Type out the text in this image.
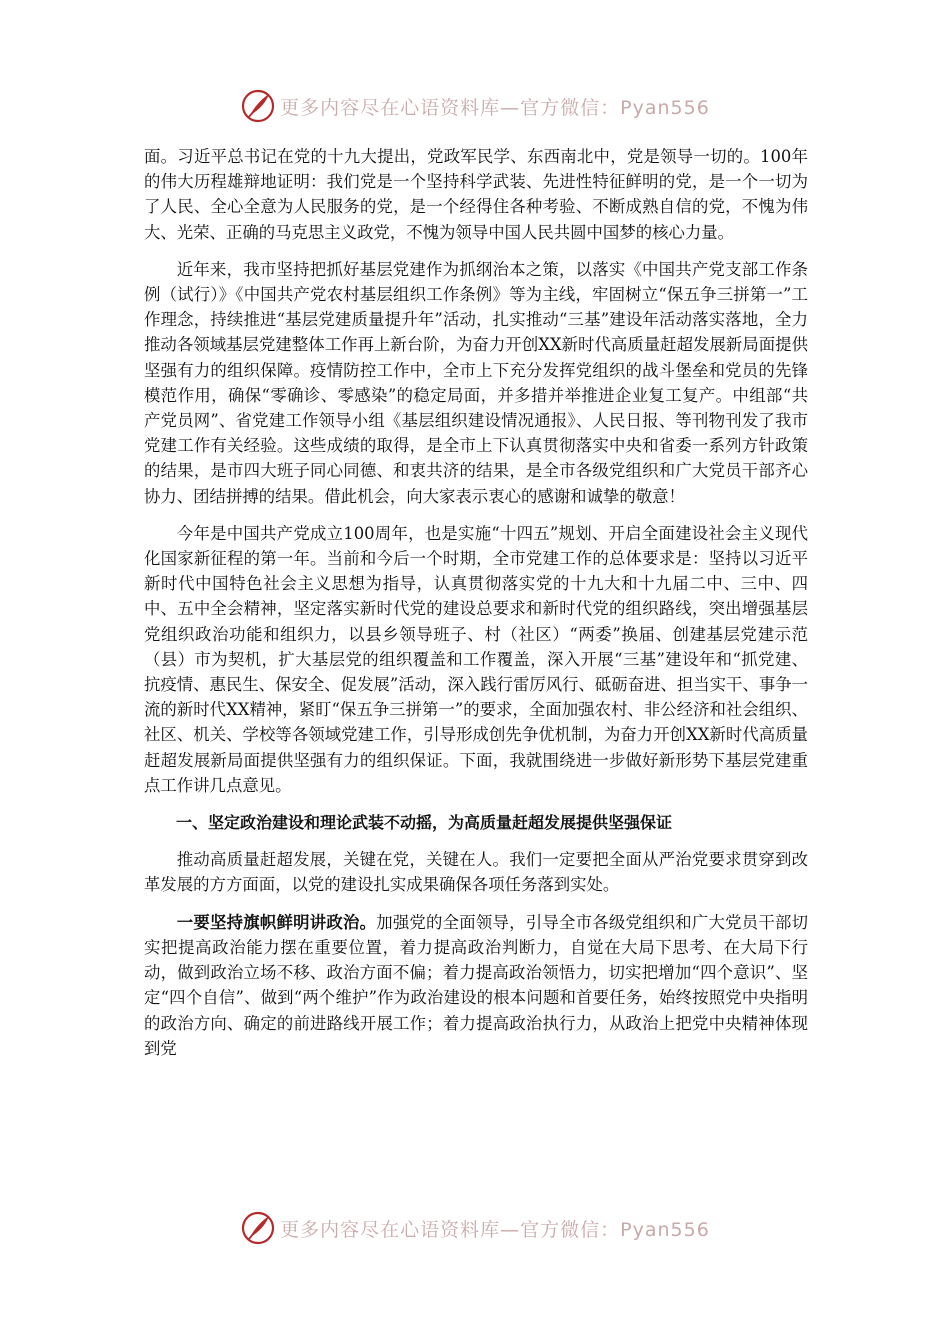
更多内容尽在心语资料库—官方微信：Pyan556

面。习近平总书记在党的十九大提出，党政军民学、东西南北中，党是领导一切的。100年的伟大历程雄辩地证明：我们党是一个坚持科学武装、先进性特征鲜明的党，是一个一切为了人民、全心全意为人民服务的党，是一个经得住各种考验、不断成熟自信的党，不愧为伟大、光荣、正确的马克思主义政党，不愧为领导中国人民共圆中国梦的核心力量。

近年来，我市坚持把抓好基层党建作为抓纲治本之策，以落实《中国共产党支部工作条例（试行）》《中国共产党农村基层组织工作条例》等为主线，牢固树立“保五争三拼第一”工作理念，持续推进“基层党建质量提升年”活动，扎实推动“三基”建设年活动落实落地，全力推动各领域基层党建整体工作再上新台阶，为奋力开创XX新时代高质量赶超发展新局面提供坚强有力的组织保障。疫情防控工作中，全市上下充分发挥党组织的战斗堡垒和党员的先锋模范作用，确保“零确诊、零感染”的稳定局面，并多措并举推进企业复工复产。中组部“共产党员网”、省党建工作领导小组《基层组织建设情况通报》、人民日报、等刊物刊发了我市党建工作有关经验。这些成绩的取得，是全市上下认真贯彻落实中央和省委一系列方针政策的结果，是市四大班子同心同德、和衷共济的结果，是全市各级党组织和广大党员干部齐心协力、团结拼搏的结果。借此机会，向大家表示衷心的感谢和诚挚的敬意！

今年是中国共产党成立100周年，也是实施“十四五”规划、开启全面建设社会主义现代化国家新征程的第一年。当前和今后一个时期，全市党建工作的总体要求是：坚持以习近平新时代中国特色社会主义思想为指导，认真贯彻落实党的十九大和十九届二中、三中、四中、五中全会精神，坚定落实新时代党的建设总要求和新时代党的组织路线，突出增强基层党组织政治功能和组织力，以县乡领导班子、村（社区）“两委”换届、创建基层党建示范（县）市为契机，扩大基层党的组织覆盖和工作覆盖，深入开展“三基”建设年和“抓党建、抗疫情、惠民生、保安全、促发展”活动，深入践行雷厉风行、砥砺奋进、担当实干、事争一流的新时代XX精神，紧盯“保五争三拼第一”的要求，全面加强农村、非公经济和社会组织、社区、机关、学校等各领域党建工作，引导形成创先争优机制，为奋力开创XX新时代高质量赶超发展新局面提供坚强有力的组织保证。下面，我就围绕进一步做好新形势下基层党建重点工作讲几点意见。

一、坚定政治建设和理论武装不动摇，为高质量赶超发展提供坚强保证

推动高质量赶超发展，关键在党，关键在人。我们一定要把全面从严治党要求贯穿到改革发展的方方面面，以党的建设扎实成果确保各项任务落到实处。

一要坚持旗帜鲜明讲政治。加强党的全面领导，引导全市各级党组织和广大党员干部切实把提高政治能力摆在重要位置，着力提高政治判断力，自觉在大局下思考、在大局下行动，做到政治立场不移、政治方面不偏；着力提高政治领悟力，切实把增加“四个意识”、坚定“四个自信”、做到“两个维护”作为政治建设的根本问题和首要任务，始终按照党中央指明的政治方向、确定的前进路线开展工作；着力提高政治执行力，从政治上把党中央精神体现到党

更多内容尽在心语资料库—官方微信：Pyan556
